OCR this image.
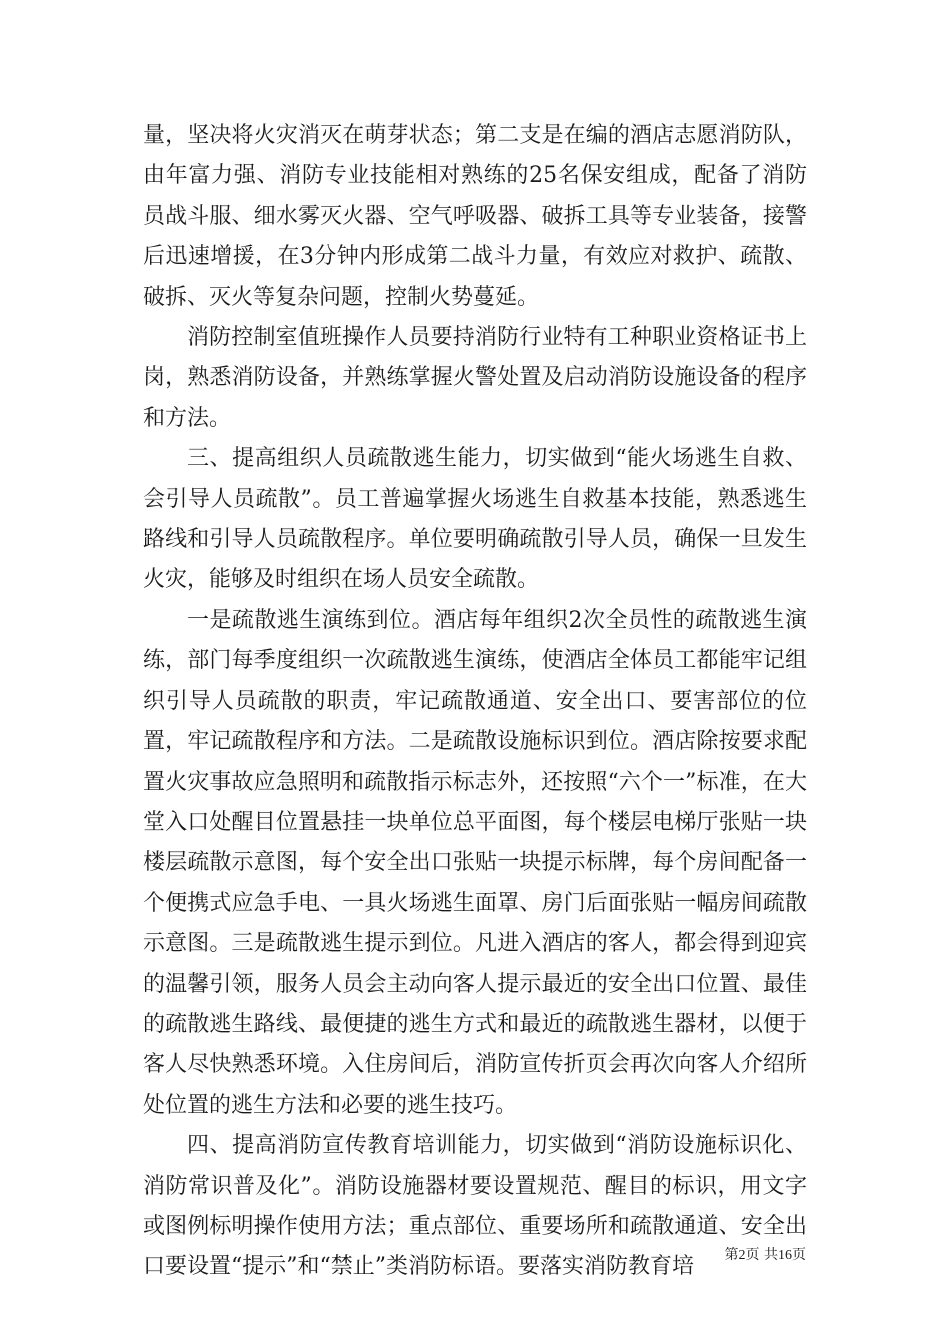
量，坚决将火灾消灭在萌芽状态；第二支是在编的酒店志愿消防队，由年富力强、消防专业技能相对熟练的25名保安组成，配备了消防员战斗服、细水雾灭火器、空气呼吸器、破拆工具等专业装备，接警后迅速增援，在3分钟内形成第二战斗力量，有效应对救护、疏散、破拆、灭火等复杂问题，控制火势蔓延。

消防控制室值班操作人员要持消防行业特有工种职业资格证书上岗，熟悉消防设备，并熟练掌握火警处置及启动消防设施设备的程序和方法。

三、提高组织人员疏散逃生能力，切实做到“能火场逃生自救、会引导人员疏散”。员工普遍掌握火场逃生自救基本技能，熟悉逃生路线和引导人员疏散程序。单位要明确疏散引导人员，确保一旦发生火灾，能够及时组织在场人员安全疏散。

一是疏散逃生演练到位。酒店每年组织2次全员性的疏散逃生演练，部门每季度组织一次疏散逃生演练，使酒店全体员工都能牢记组织引导人员疏散的职责，牢记疏散通道、安全出口、要害部位的位置，牢记疏散程序和方法。二是疏散设施标识到位。酒店除按要求配置火灾事故应急照明和疏散指示标志外，还按照“六个一”标准，在大堂入口处醒目位置悬挂一块单位总平面图，每个楼层电梯厅张贴一块楼层疏散示意图，每个安全出口张贴一块提示标牌，每个房间配备一个便携式应急手电、一具火场逃生面罩、房门后面张贴一幅房间疏散示意图。三是疏散逃生提示到位。凡进入酒店的客人，都会得到迎宾的温馨引领，服务人员会主动向客人提示最近的安全出口位置、最佳的疏散逃生路线、最便捷的逃生方式和最近的疏散逃生器材，以便于客人尽快熟悉环境。入住房间后，消防宣传折页会再次向客人介绍所处位置的逃生方法和必要的逃生技巧。

四、提高消防宣传教育培训能力，切实做到“消防设施标识化、消防常识普及化”。消防设施器材要设置规范、醒目的标识，用文字或图例标明操作使用方法；重点部位、重要场所和疏散通道、安全出口要设置“提示”和“禁止”类消防标语。要落实消防教育培	第2页 共16页
